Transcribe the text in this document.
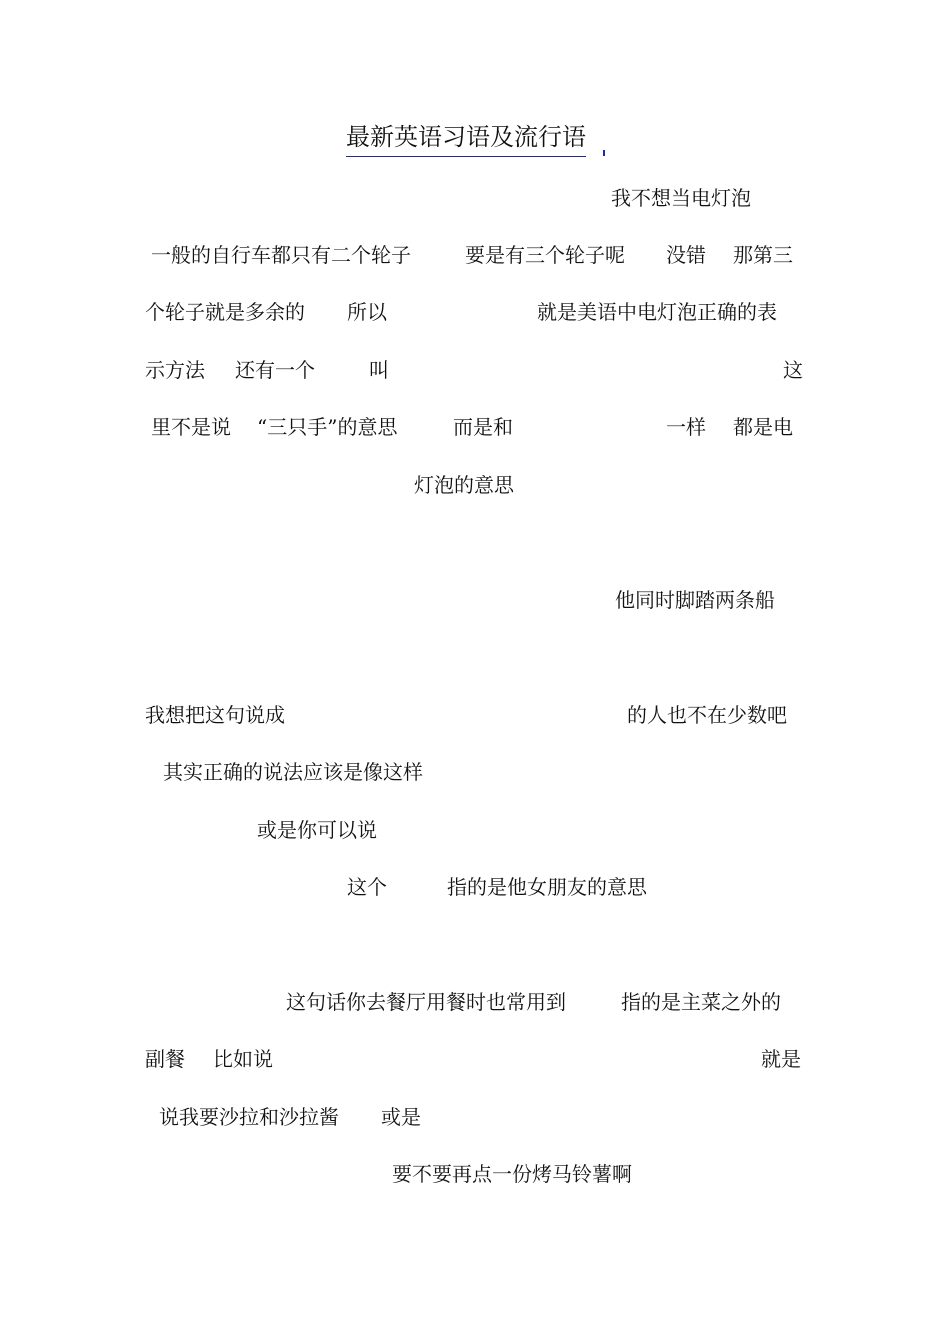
最新英语习语及流行语
我不想当电灯泡
一般的自行车都只有二个轮子	要是有三个轮子呢 没错 那第三
个轮子就是多余的 所以	就是美语中电灯泡正确的表
示方法 还有一个	叫	这
里不是说 “三只手”的意思	而是和	一样 都是电
灯泡的意思
他同时脚踏两条船
我想把这句说成	的人也不在少数吧
其实正确的说法应该是像这样
或是你可以说
这个	指的是他女朋友的意思
这句话你去餐厅用餐时也常用到	指的是主菜之外的
副餐 比如说	就是
说我要沙拉和沙拉酱 或是
要不要再点一份烤马铃薯啊
